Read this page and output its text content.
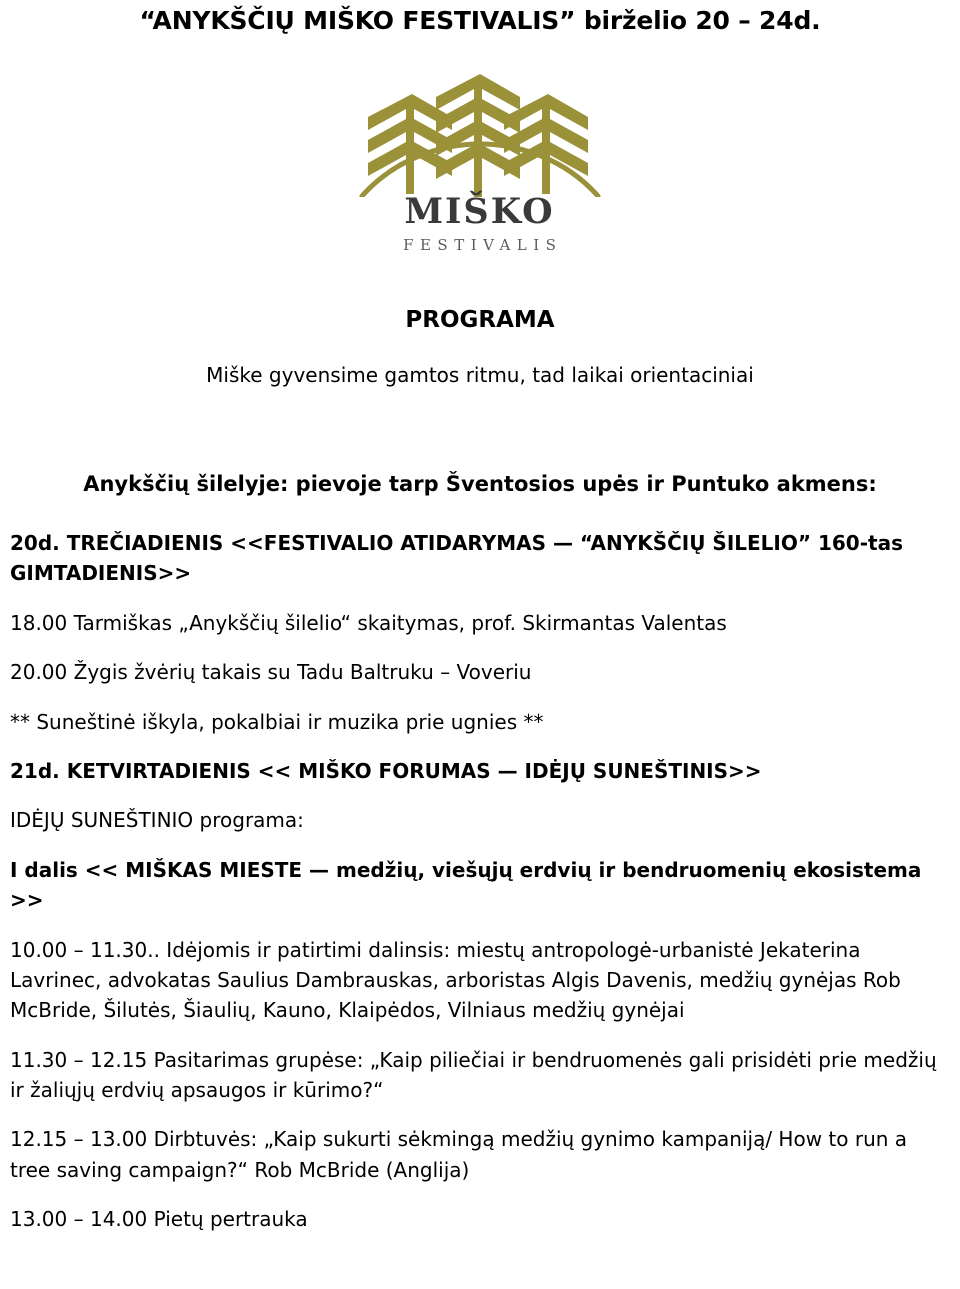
“ANYKŠČIŲ MIŠKO FESTIVALIS” birželio 20 – 24d.
MIŠKO
FESTIVALIS
PROGRAMA
Miške gyvensime gamtos ritmu, tad laikai orientaciniai
Anykščių šilelyje: pievoje tarp Šventosios upės ir Puntuko akmens:

20d. TREČIADIENIS <<FESTIVALIO ATIDARYMAS — “ANYKŠČIŲ ŠILELIO” 160-tas GIMTADIENIS>>

18.00 Tarmiškas „Anykščių šilelio“ skaitymas, prof. Skirmantas Valentas

20.00 Žygis žvėrių takais su Tadu Baltruku – Voveriu

** Suneštinė iškyla, pokalbiai ir muzika prie ugnies **

21d. KETVIRTADIENIS << MIŠKO FORUMAS — IDĖJŲ SUNEŠTINIS>>

IDĖJŲ SUNEŠTINIO programa:

I dalis << MIŠKAS MIESTE — medžių, viešųjų erdvių ir bendruomenių ekosistema >>

10.00 – 11.30.. Idėjomis ir patirtimi dalinsis: miestų antropologė-urbanistė Jekaterina Lavrinec, advokatas Saulius Dambrauskas, arboristas Algis Davenis, medžių gynėjas Rob McBride, Šilutės, Šiaulių, Kauno, Klaipėdos, Vilniaus medžių gynėjai

11.30 – 12.15 Pasitarimas grupėse: „Kaip piliečiai ir bendruomenės gali prisidėti prie medžių ir žaliųjų erdvių apsaugos ir kūrimo?“

12.15 – 13.00 Dirbtuvės: „Kaip sukurti sėkmingą medžių gynimo kampaniją/ How to run a tree saving campaign?“ Rob McBride (Anglija)

13.00 – 14.00 Pietų pertrauka
